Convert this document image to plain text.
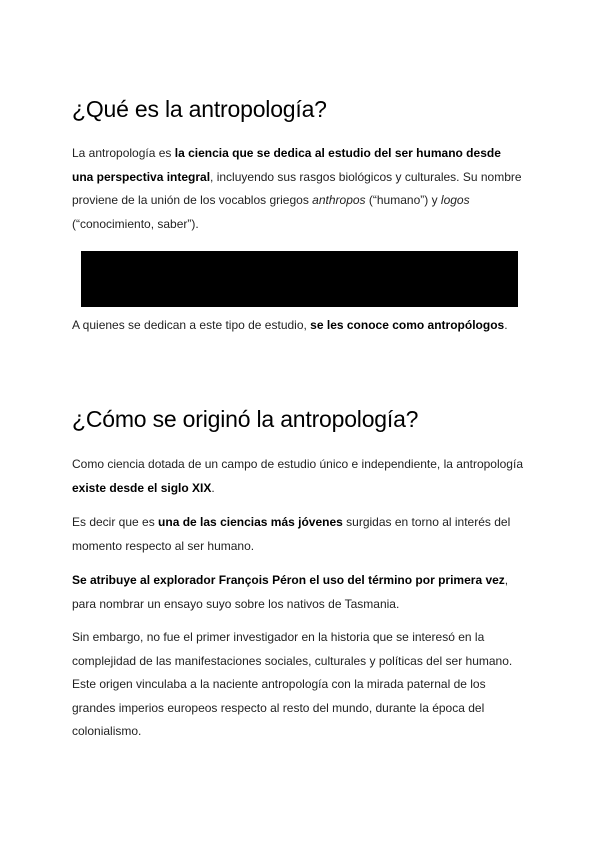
¿Qué es la antropología?
La antropología es la ciencia que se dedica al estudio del ser humano desde
una perspectiva integral, incluyendo sus rasgos biológicos y culturales. Su nombre
proviene de la unión de los vocablos griegos anthropos (“humano”) y logos
(“conocimiento, saber”).
A quienes se dedican a este tipo de estudio, se les conoce como antropólogos.
¿Cómo se originó la antropología?
Como ciencia dotada de un campo de estudio único e independiente, la antropología
existe desde el siglo XIX.
Es decir que es una de las ciencias más jóvenes surgidas en torno al interés del
momento respecto al ser humano.
Se atribuye al explorador François Péron el uso del término por primera vez,
para nombrar un ensayo suyo sobre los nativos de Tasmania.
Sin embargo, no fue el primer investigador en la historia que se interesó en la
complejidad de las manifestaciones sociales, culturales y políticas del ser humano.
Este origen vinculaba a la naciente antropología con la mirada paternal de los
grandes imperios europeos respecto al resto del mundo, durante la época del
colonialismo.
